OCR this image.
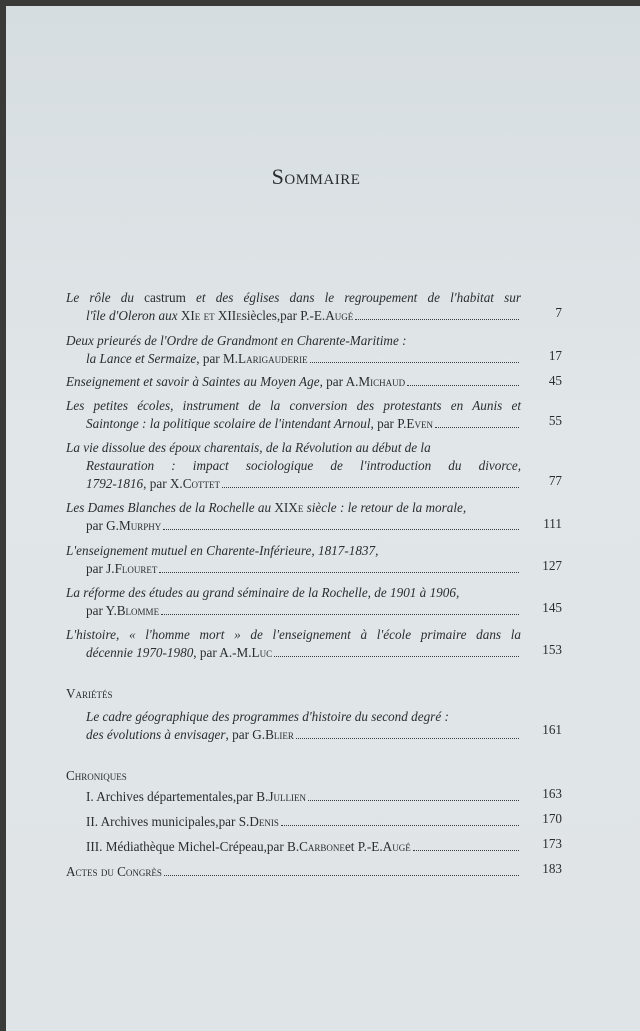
Sommaire
Le rôle du castrum et des églises dans le regroupement de l'habitat sur
l'île d'Oleron aux
XIe et XIIe siècles, par P.-E. Augé	7
Deux prieurés de l'Ordre de Grandmont en Charente-Maritime :
la Lance et Sermaize , par M. Larigauderie	17
Enseignement et savoir à Saintes au Moyen Age , par A. Michaud	45
Les petites écoles, instrument de la conversion des protestants en Aunis et
Saintonge : la politique scolaire de l'intendant Arnoul , par P. Even	55
La vie dissolue des époux charentais, de la Révolution au début de la
Restauration : impact sociologique de l'introduction du divorce,
1792-1816 , par X. Cottet	77
Les Dames Blanches de la Rochelle au XIXe siècle : le retour de la morale,
par G. Murphy	111
L'enseignement mutuel en Charente-Inférieure, 1817-1837,
par J. Flouret	127
La réforme des études au grand séminaire de la Rochelle, de 1901 à 1906,
par Y. Blomme	145
L'histoire, « l'homme mort » de l'enseignement à l'école primaire dans la
décennie 1970-1980 , par A.-M. Luc	153
Variétés
Le cadre géographique des programmes d'histoire du second degré :
des évolutions à envisager , par G. Blier	161
Chroniques
I. Archives départementales, par B. Jullien	163
II. Archives municipales, par S. Denis	170
III. Médiathèque Michel-Crépeau, par B. Carbone et P.-E. Augé	173
Actes du Congrès	183
